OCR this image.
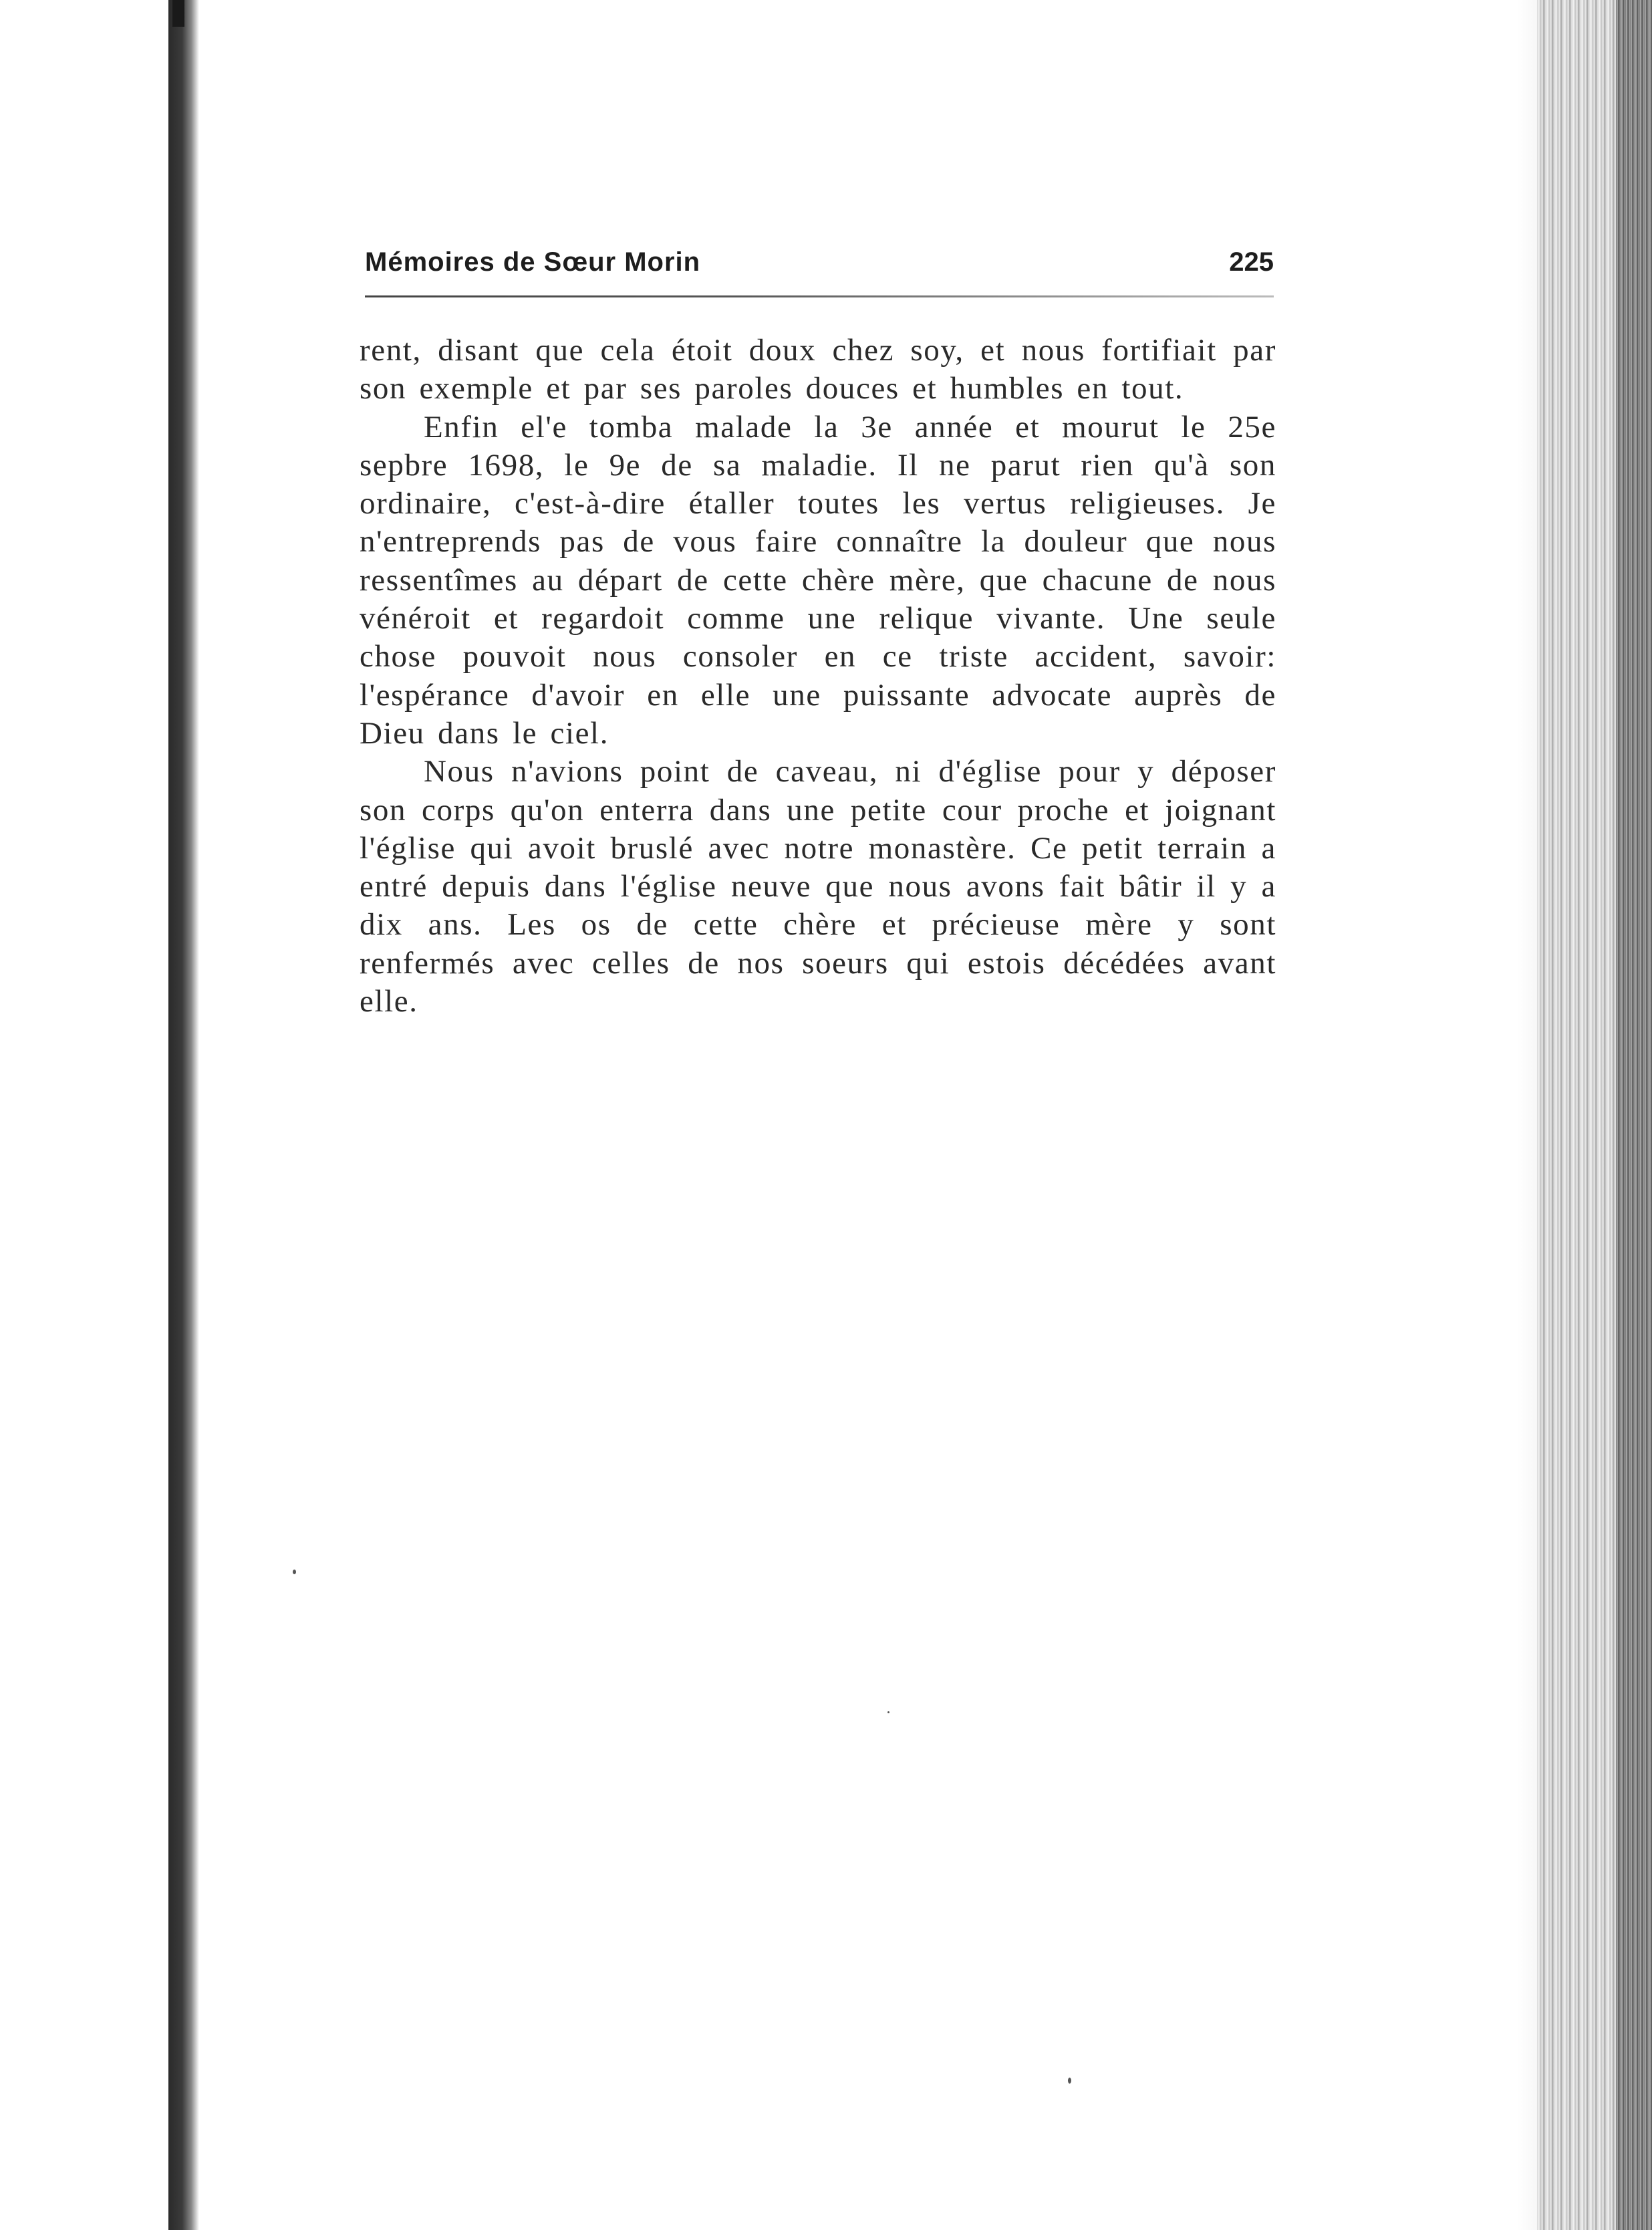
Mémoires de Sœur Morin	225

rent, disant que cela étoit doux chez soy, et nous fortifiait par son exemple et par ses paroles douces et humbles en tout.

Enfin el'e tomba malade la 3e année et mourut le 25e sepbre 1698, le 9e de sa maladie. Il ne parut rien qu'à son ordinaire, c'est-à-dire étaller toutes les vertus religieuses. Je n'entreprends pas de vous faire connaître la douleur que nous ressentîmes au départ de cette chère mère, que chacune de nous vénéroit et regardoit comme une relique vivante. Une seule chose pouvoit nous consoler en ce triste accident, savoir: l'espérance d'avoir en elle une puissante advocate auprès de Dieu dans le ciel.

Nous n'avions point de caveau, ni d'église pour y déposer son corps qu'on enterra dans une petite cour proche et joignant l'église qui avoit bruslé avec notre monastère. Ce petit terrain a entré depuis dans l'église neuve que nous avons fait bâtir il y a dix ans. Les os de cette chère et précieuse mère y sont renfermés avec celles de nos soeurs qui estois décédées avant elle.
